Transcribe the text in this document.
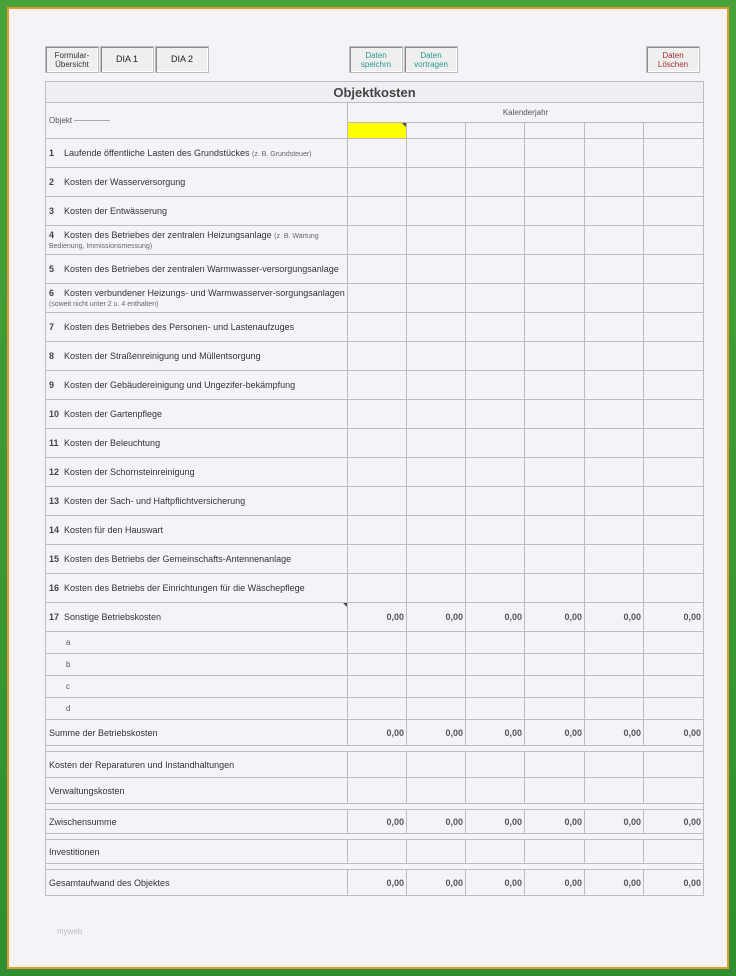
Formular-
Übersicht	DIA 1	DIA 2	Daten
speichrn
Daten
vortragen
Daten
Löschen
Objektkosten						
Objekt	Kalenderjahr					

1 Laufende öffentliche Lasten des Grundstückes (z. B. Grundsteuer)						
2 Kosten der Wasserversorgung						
3 Kosten der Entwässerung						
4 Kosten des Betriebes der zentralen Heizungsanlage (z. B. Wartung Bedienung, Immissionsmessung)						
5 Kosten des Betriebes der zentralen Warmwasser-versorgungsanlage						
6 Kosten verbundener Heizungs- und Warmwasserver-sorgungsanlagen (soweit nicht unter 2 u. 4 enthalten)						
7 Kosten des Betriebes des Personen- und Lastenaufzuges						
8 Kosten der Straßenreinigung und Müllentsorgung						
9 Kosten der Gebäudereinigung und Ungezifer-bekämpfung						
10 Kosten der Gartenpflege						
11 Kosten der Beleuchtung						
12 Kosten der Schornsteinreinigung						
13 Kosten der Sach- und Haftpflichtversicherung						
14 Kosten für den Hauswart						
15 Kosten des Betriebs der Gemeinschafts-Antennenanlage						
16 Kosten des Betriebs der Einrichtungen für die Wäschepflege						
17 Sonstige Betriebskosten	0,00	0,00	0,00	0,00	0,00	0,00
a						
b						
c						
d						
Summe der Betriebskosten	0,00	0,00	0,00	0,00	0,00	0,00

Kosten der Reparaturen und Instandhaltungen						
Verwaltungskosten						

Zwischensumme	0,00	0,00	0,00	0,00	0,00	0,00

Investitionen						

Gesamtaufwand des Objektes	0,00	0,00	0,00	0,00	0,00	0,00
myweb
